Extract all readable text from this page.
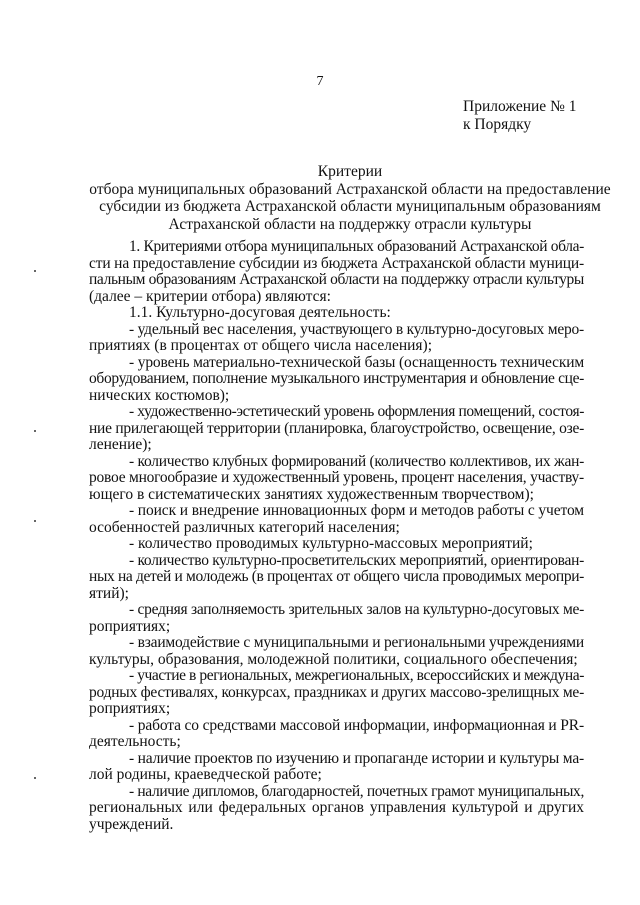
7
Приложение № 1
к Порядку
Критерии
отбора муниципальных образований Астраханской области на предоставление
субсидии из бюджета Астраханской области муниципальным образованиям
Астраханской области на поддержку отрасли культуры
1. Критериями отбора муниципальных образований Астраханской обла-
сти на предоставление субсидии из бюджета Астраханской области муници-
пальным образованиям Астраханской области на поддержку отрасли культуры
(далее – критерии отбора) являются:
1.1. Культурно-досуговая деятельность:
- удельный вес населения, участвующего в культурно-досуговых меро-
приятиях (в процентах от общего числа населения);
- уровень материально-технической базы (оснащенность техническим
оборудованием, пополнение музыкального инструментария и обновление сце-
нических костюмов);
- художественно-эстетический уровень оформления помещений, состоя-
ние прилегающей территории (планировка, благоустройство, освещение, озе-
ленение);
- количество клубных формирований (количество коллективов, их жан-
ровое многообразие и художественный уровень, процент населения, участву-
ющего в систематических занятиях художественным творчеством);
- поиск и внедрение инновационных форм и методов работы с учетом
особенностей различных категорий населения;
- количество проводимых культурно-массовых мероприятий;
- количество культурно-просветительских мероприятий, ориентирован-
ных на детей и молодежь (в процентах от общего числа проводимых меропри-
ятий);
- средняя заполняемость зрительных залов на культурно-досуговых ме-
роприятиях;
- взаимодействие с муниципальными и региональными учреждениями
культуры, образования, молодежной политики, социального обеспечения;
- участие в региональных, межрегиональных, всероссийских и междуна-
родных фестивалях, конкурсах, праздниках и других массово-зрелищных ме-
роприятиях;
- работа со средствами массовой информации, информационная и PR-
деятельность;
- наличие проектов по изучению и пропаганде истории и культуры ма-
лой родины, краеведческой работе;
- наличие дипломов, благодарностей, почетных грамот муниципальных,
региональных или федеральных органов управления культурой и других
учреждений.
